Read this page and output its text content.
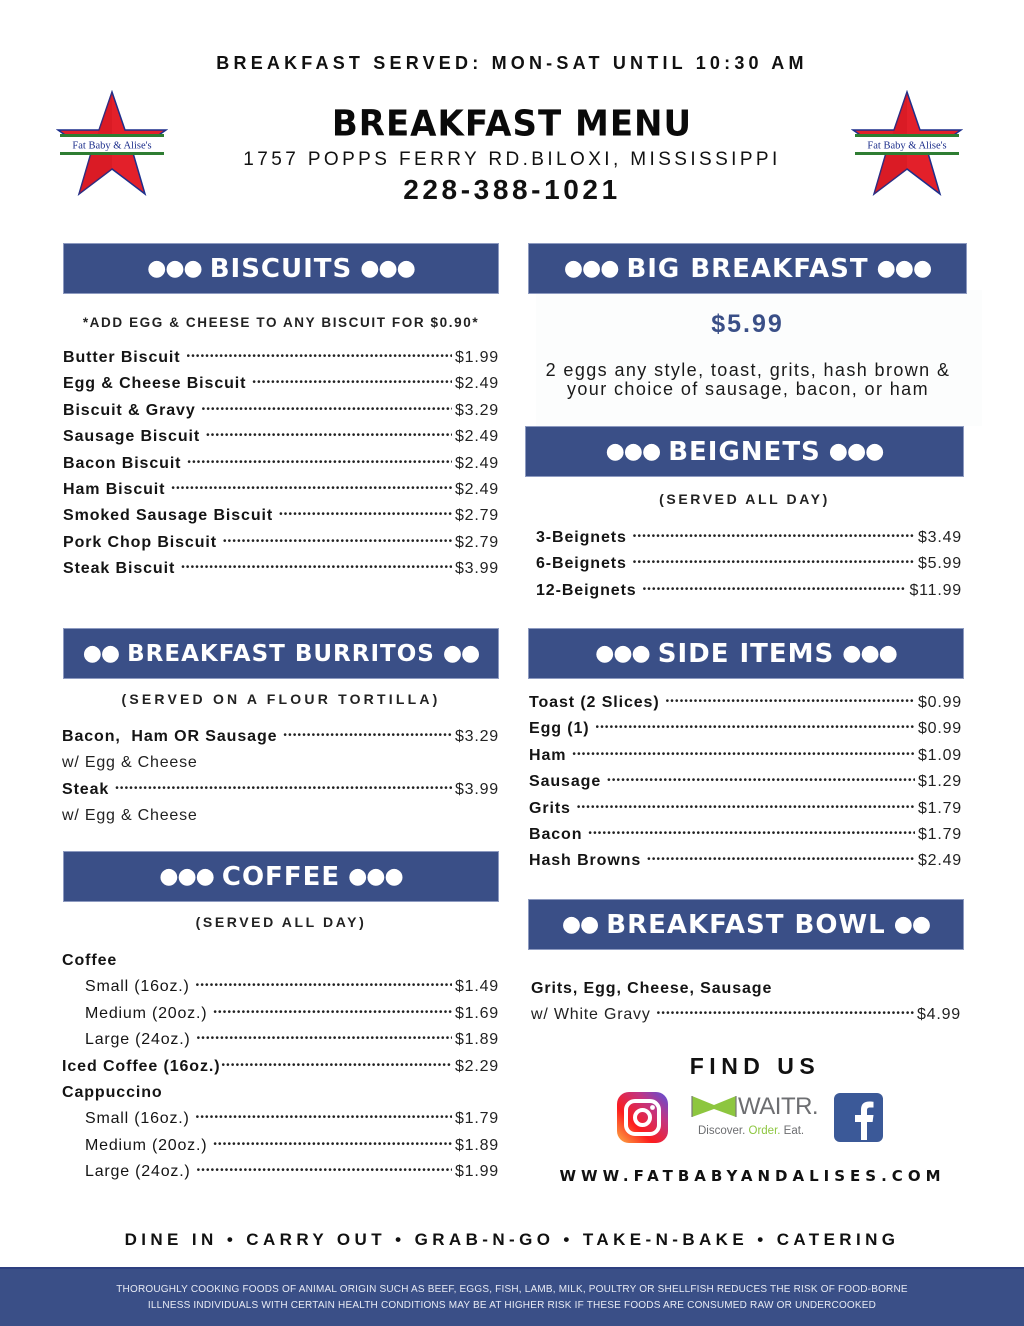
BREAKFAST SERVED: MON-SAT UNTIL 10:30 AM
Fat Baby & Alise's	Fat Baby & Alise's
BREAKFAST MENU
1757 POPPS FERRY RD.BILOXI, MISSISSIPPI
228-388-1021
●●● BISCUITS ●●●
*ADD EGG & CHEESE TO ANY BISCUIT FOR $0.90*
Butter Biscuit •••••	$1.99
Egg & Cheese Biscuit •••••	$2.49
Biscuit & Gravy •••••	$3.29
Sausage Biscuit •••••	$2.49
Bacon Biscuit •••••	$2.49
Ham Biscuit •••••	$2.49
Smoked Sausage Biscuit •••••	$2.79
Pork Chop Biscuit •••••	$2.79
Steak Biscuit •••••	$3.99
●●● BIG BREAKFAST ●●●
$5.99
2 eggs any style, toast, grits, hash brown &
your choice of sausage, bacon, or ham
●●● BEIGNETS ●●●
(SERVED ALL DAY)
3-Beignets •••••	$3.49
6-Beignets •••••	$5.99
12-Beignets •••••	$11.99
●● BREAKFAST BURRITOS ●●
(SERVED ON A FLOUR TORTILLA)
Bacon,  Ham OR Sausage •••••	$3.29
w/ Egg & Cheese
Steak •••••	$3.99
w/ Egg & Cheese
●●● SIDE ITEMS ●●●
Toast (2 Slices) •••••	$0.99
Egg (1) •••••	$0.99
Ham •••••	$1.09
Sausage •••••	$1.29
Grits •••••	$1.79
Bacon •••••	$1.79
Hash Browns •••••	$2.49
●●● COFFEE ●●●
(SERVED ALL DAY)
Coffee
Small (16oz.) •••••	$1.49
Medium (20oz.) •••••	$1.69
Large (24oz.) •••••	$1.89
Iced Coffee (16oz.) •••••	$2.29
Cappuccino
Small (16oz.) •••••	$1.79
Medium (20oz.) •••••	$1.89
Large (24oz.) •••••	$1.99
●● BREAKFAST BOWL ●●
Grits, Egg, Cheese, Sausage
w/ White Gravy •••••	$4.99
FIND US
WAITR.
Discover. Order. Eat.
WWW.FATBABYANDALISES.COM
DINE IN • CARRY OUT • GRAB-N-GO • TAKE-N-BAKE • CATERING
THOROUGHLY COOKING FOODS OF ANIMAL ORIGIN SUCH AS BEEF, EGGS, FISH, LAMB, MILK, POULTRY OR SHELLFISH REDUCES THE RISK OF FOOD-BORNE
ILLNESS INDIVIDUALS WITH CERTAIN HEALTH CONDITIONS MAY BE AT HIGHER RISK IF THESE FOODS ARE CONSUMED RAW OR UNDERCOOKED
